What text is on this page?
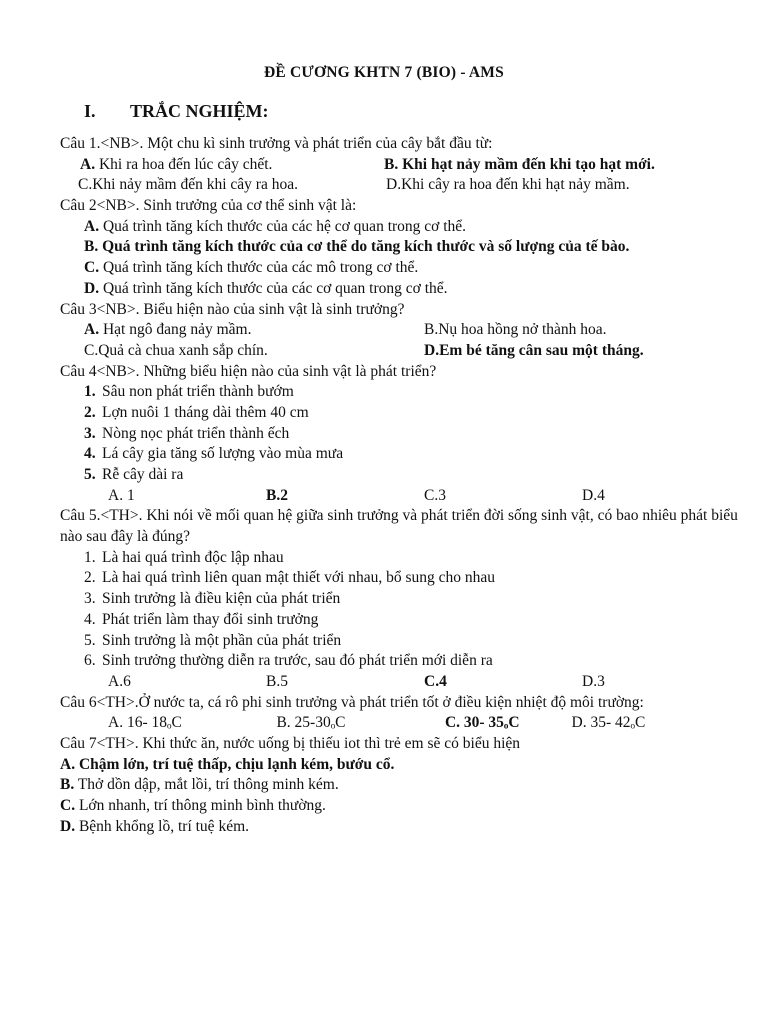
ĐỀ CƯƠNG KHTN 7 (BIO) - AMS
I. TRẮC NGHIỆM:
Câu 1.<NB>. Một chu kì sinh trưởng và phát triển của cây bắt đầu từ:
A. Khi ra hoa đến lúc cây chết.	B. Khi hạt nảy mầm đến khi tạo hạt mới.
C.Khi nảy mầm đến khi cây ra hoa.	D.Khi cây ra hoa đến khi hạt nảy mầm.
Câu 2<NB>. Sinh trưởng của cơ thể sinh vật là:
A. Quá trình tăng kích thước của các hệ cơ quan trong cơ thể.
B. Quá trình tăng kích thước của cơ thể do tăng kích thước và số lượng của tế bào.
C. Quá trình tăng kích thước của các mô trong cơ thể.
D. Quá trình tăng kích thước của các cơ quan trong cơ thể.
Câu 3<NB>. Biểu hiện nào của sinh vật là sinh trưởng?
A. Hạt ngô đang nảy mầm.	B.Nụ hoa hồng nở thành hoa.
C.Quả cà chua xanh sắp chín.	D.Em bé tăng cân sau một tháng.
Câu 4<NB>. Những biểu hiện nào của sinh vật là phát triển?
1. Sâu non phát triển thành bướm
2. Lợn nuôi 1 tháng dài thêm 40 cm
3. Nòng nọc phát triển thành ếch
4. Lá cây gia tăng số lượng vào mùa mưa
5. Rễ cây dài ra
A. 1	B.2	C.3	D.4
Câu 5.<TH>. Khi nói về mối quan hệ giữa sinh trưởng và phát triển đời sống sinh vật, có bao nhiêu phát biểu nào sau đây là đúng?
1. Là hai quá trình độc lập nhau
2. Là hai quá trình liên quan mật thiết với nhau, bổ sung cho nhau
3. Sinh trưởng là điều kiện của phát triển
4. Phát triển làm thay đổi sinh trưởng
5. Sinh trưởng là một phần của phát triển
6. Sinh trưởng thường diễn ra trước, sau đó phát triển mới diễn ra
A.6	B.5	C.4	D.3
Câu 6<TH>.Ở nước ta, cá rô phi sinh trưởng và phát triển tốt ở điều kiện nhiệt độ môi trường:
A. 16- 18ₒC	B. 25-30ₒC	C. 30- 35ₒC	D. 35- 42ₒC
Câu 7<TH>. Khi thức ăn, nước uống bị thiếu iot thì trẻ em sẽ có biểu hiện
A. Chậm lớn, trí tuệ thấp, chịu lạnh kém, bướu cổ.
B. Thở dồn dập, mắt lồi, trí thông minh kém.
C. Lớn nhanh, trí thông minh bình thường.
D. Bệnh khổng lồ, trí tuệ kém.
